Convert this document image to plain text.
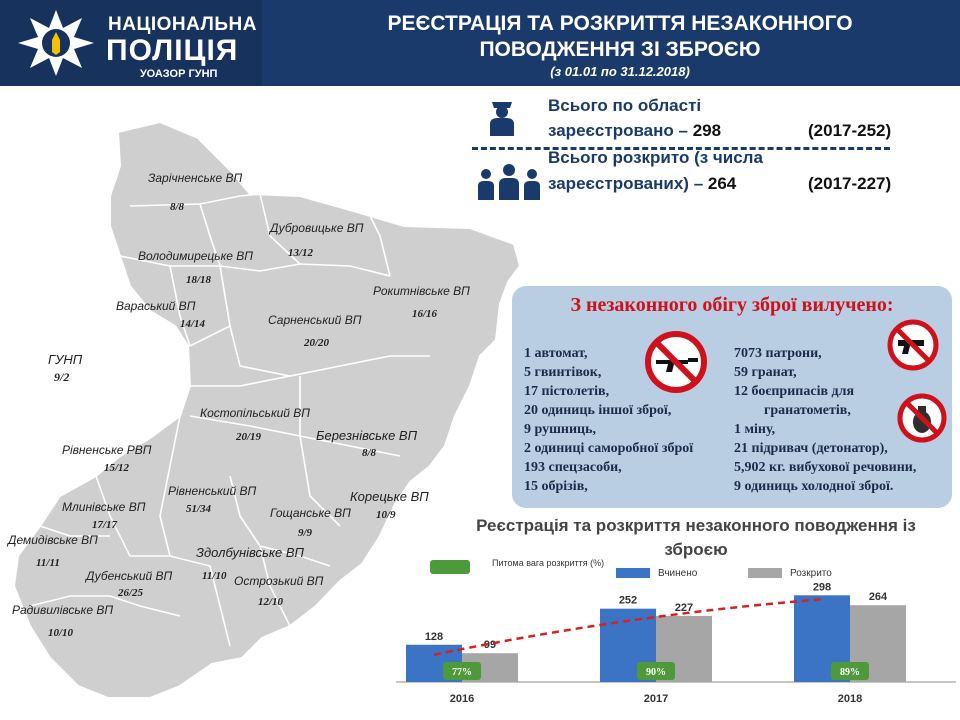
НАЦІОНАЛЬНА
ПОЛІЦІЯ
УОАЗОР ГУНП
РЕЄСТРАЦІЯ ТА РОЗКРИТТЯ НЕЗАКОННОГО
ПОВОДЖЕННЯ ЗІ ЗБРОЄЮ
(з 01.01 по 31.12.2018)
Зарічненське ВП
8/8
Дубровицьке ВП
13/12
Володимирецьке ВП
18/18
Вараський ВП
14/14
Рокитнівське ВП
16/16
Сарненський ВП
20/20
ГУНП
9/2
Костопільський ВП
20/19	Березнівське ВП
8/8
Рівненське РВП
15/12
Корецьке ВП
10/9
Рівненський ВП
51/34
Млинівське ВП
17/17
Гощанське ВП
9/9
Демидівське ВП
11/11
Здолбунівське ВП
11/10
Дубенський ВП
26/25
Острозький ВП
12/10
Радивилівське ВП
10/10
Всього по області
зареєстровано – 298	(2017-252)
Всього розкрито (з числа
зареєстрованих) – 264	(2017-227)
З незаконного обігу зброї вилучено:
1 автомат,
5 гвинтівок,
17 пістолетів,
20 одиниць іншої зброї,
9 рушниць,
2 одиниці саморобної зброї
193 спецзасоби,
15 обрізів,
7073 патрони,
59 гранат,
12 боєприпасів для
гранатометів,
1 міну,
21 підривач (детонатор),
5,902 кг. вибухової речовини,
9 одиниць холодної зброї.
Реєстрація та розкриття незаконного поводження із зброєю
Питома вага розкриття (%)
Вчинено	Розкрито
128
99
77%
2016
252
227
90%
2017
298
264
89%
2018
